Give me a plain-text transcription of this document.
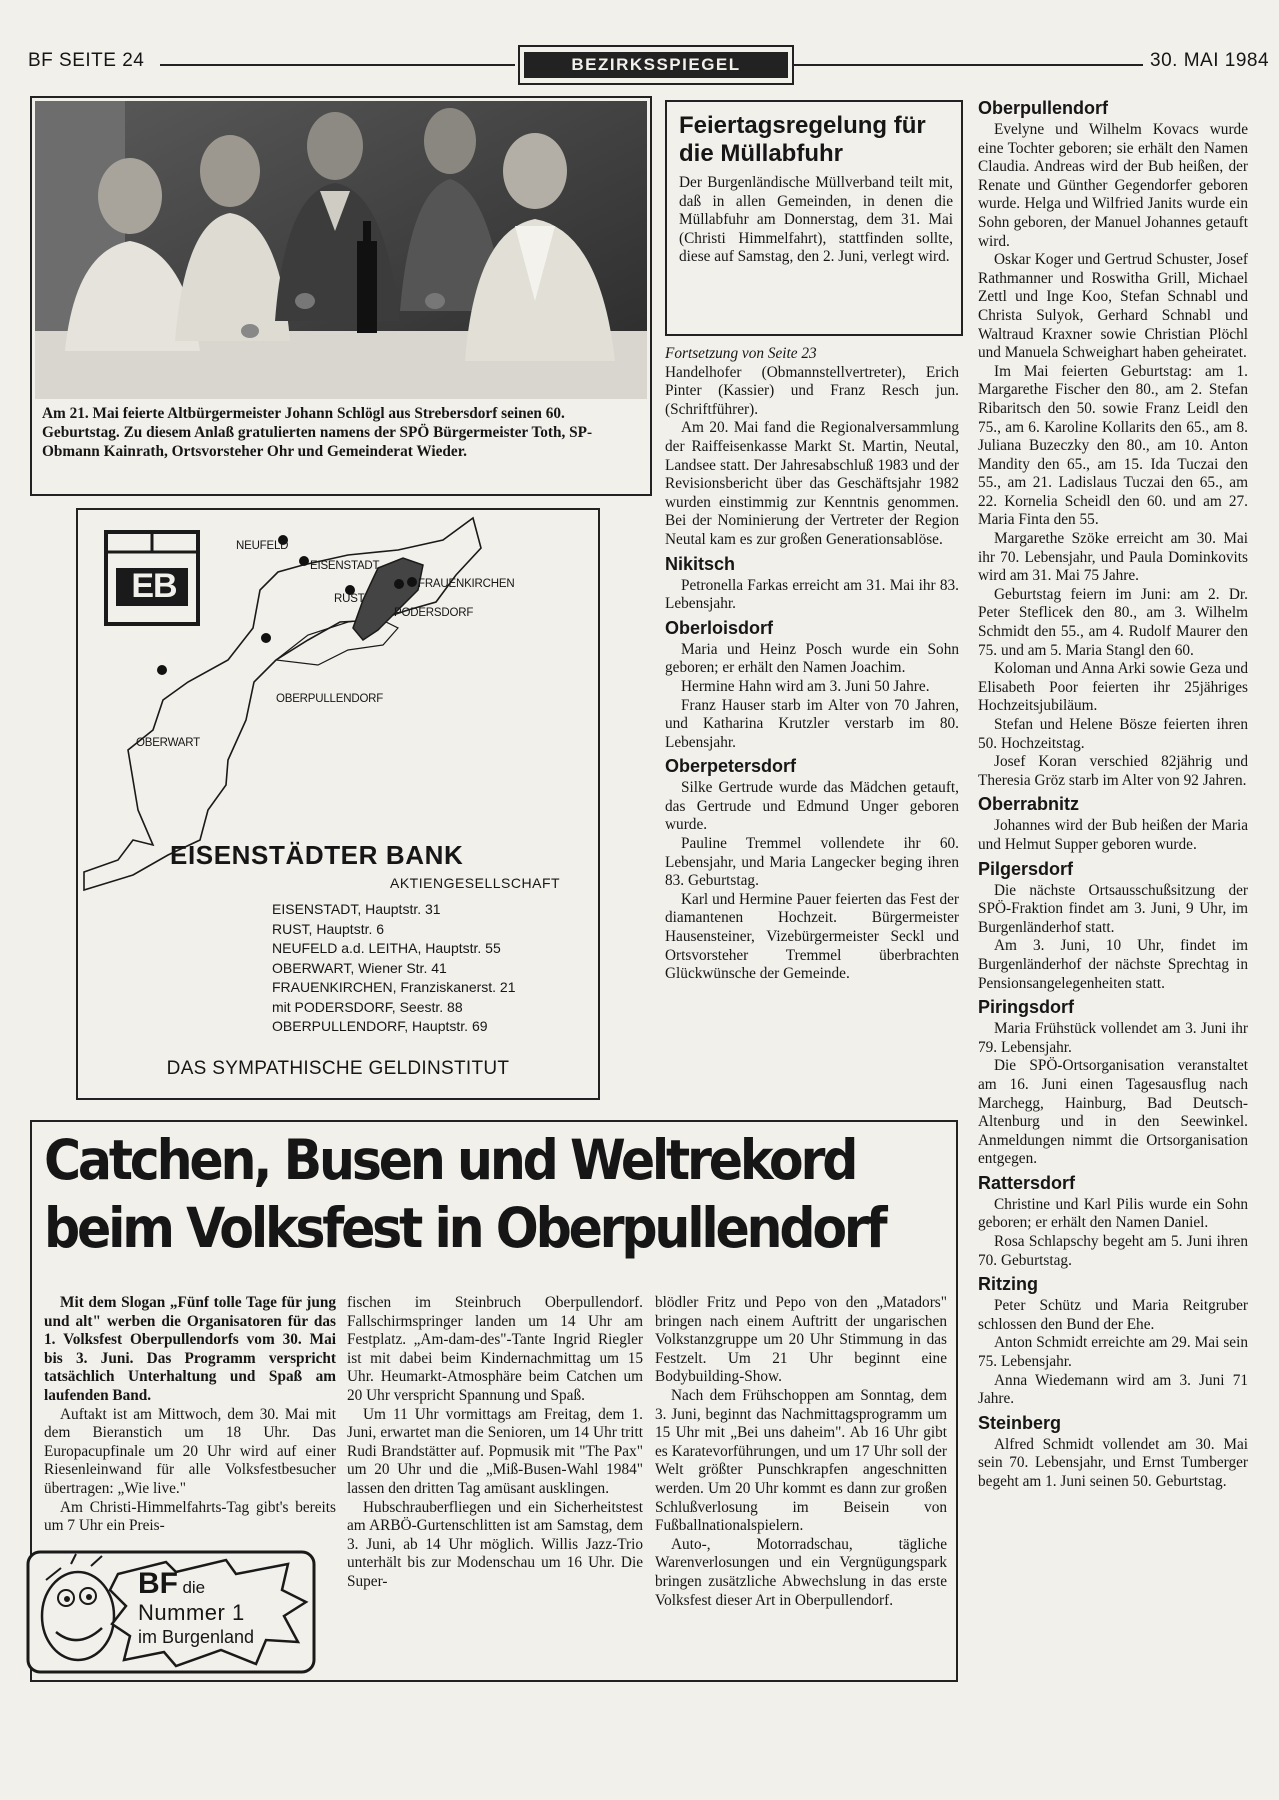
BF SEITE 24	BEZIRKSSPIEGEL	30. MAI 1984
Am 21. Mai feierte Altbürgermeister Johann Schlögl aus Strebersdorf seinen 60. Geburtstag. Zu diesem Anlaß gratulierten namens der SPÖ Bürgermeister Toth, SP-Obmann Kainrath, Ortsvorsteher Ohr und Gemeinderat Wieder.
NEUFELD
EISENSTADT
RUST
FRAUENKIRCHEN
PODERSDORF
OBERPULLENDORF
OBERWART
EB
EISENSTÄDTER BANK
AKTIENGESELLSCHAFT
EISENSTADT, Hauptstr. 31
RUST, Hauptstr. 6
NEUFELD a.d. LEITHA, Hauptstr. 55
OBERWART, Wiener Str. 41
FRAUENKIRCHEN, Franziskanerst. 21
mit PODERSDORF, Seestr. 88
OBERPULLENDORF, Hauptstr. 69
DAS SYMPATHISCHE GELDINSTITUT
Feiertagsregelung für die Müllabfuhr
Der Burgenländische Müllverband teilt mit, daß in allen Gemeinden, in denen die Müllabfuhr am Donnerstag, dem 31. Mai (Christi Himmelfahrt), stattfinden sollte, diese auf Samstag, den 2. Juni, verlegt wird.

Fortsetzung von Seite 23

Handelhofer (Obmannstellvertreter), Erich Pinter (Kassier) und Franz Resch jun. (Schriftführer).

Am 20. Mai fand die Regionalversammlung der Raiffeisenkasse Markt St. Martin, Neutal, Landsee statt. Der Jahresabschluß 1983 und der Revisionsbericht über das Geschäftsjahr 1982 wurden einstimmig zur Kenntnis genommen. Bei der Nominierung der Vertreter der Region Neutal kam es zur großen Generationsablöse.

Nikitsch

Petronella Farkas erreicht am 31. Mai ihr 83. Lebensjahr.

Oberloisdorf

Maria und Heinz Posch wurde ein Sohn geboren; er erhält den Namen Joachim.

Hermine Hahn wird am 3. Juni 50 Jahre.

Franz Hauser starb im Alter von 70 Jahren, und Katharina Krutzler verstarb im 80. Lebensjahr.

Oberpetersdorf

Silke Gertrude wurde das Mädchen getauft, das Gertrude und Edmund Unger geboren wurde.

Pauline Tremmel vollendete ihr 60. Lebensjahr, und Maria Langecker beging ihren 83. Geburtstag.

Karl und Hermine Pauer feierten das Fest der diamantenen Hochzeit. Bürgermeister Hausensteiner, Vizebürgermeister Seckl und Ortsvorsteher Tremmel überbrachten Glückwünsche der Gemeinde.

Oberpullendorf

Evelyne und Wilhelm Kovacs wurde eine Tochter geboren; sie erhält den Namen Claudia. Andreas wird der Bub heißen, der Renate und Günther Gegendorfer geboren wurde. Helga und Wilfried Janits wurde ein Sohn geboren, der Manuel Johannes getauft wird.

Oskar Koger und Gertrud Schuster, Josef Rathmanner und Roswitha Grill, Michael Zettl und Inge Koo, Stefan Schnabl und Christa Sulyok, Gerhard Schnabl und Waltraud Kraxner sowie Christian Plöchl und Manuela Schweighart haben geheiratet.

Im Mai feierten Geburtstag: am 1. Margarethe Fischer den 80., am 2. Stefan Ribaritsch den 50. sowie Franz Leidl den 75., am 6. Karoline Kollarits den 65., am 8. Juliana Buzeczky den 80., am 10. Anton Mandity den 65., am 15. Ida Tuczai den 55., am 21. Ladislaus Tuczai den 65., am 22. Kornelia Scheidl den 60. und am 27. Maria Finta den 55.

Margarethe Szöke erreicht am 30. Mai ihr 70. Lebensjahr, und Paula Dominkovits wird am 31. Mai 75 Jahre.

Geburtstag feiern im Juni: am 2. Dr. Peter Steflicek den 80., am 3. Wilhelm Schmidt den 55., am 4. Rudolf Maurer den 75. und am 5. Maria Stangl den 60.

Koloman und Anna Arki sowie Geza und Elisabeth Poor feierten ihr 25jähriges Hochzeitsjubiläum.

Stefan und Helene Bösze feierten ihren 50. Hochzeitstag.

Josef Koran verschied 82jährig und Theresia Gröz starb im Alter von 92 Jahren.

Oberrabnitz

Johannes wird der Bub heißen der Maria und Helmut Supper geboren wurde.

Pilgersdorf

Die nächste Ortsausschußsitzung der SPÖ-Fraktion findet am 3. Juni, 9 Uhr, im Burgenländerhof statt.

Am 3. Juni, 10 Uhr, findet im Burgenländerhof der nächste Sprechtag in Pensionsangelegenheiten statt.

Piringsdorf

Maria Frühstück vollendet am 3. Juni ihr 79. Lebensjahr.

Die SPÖ-Ortsorganisation veranstaltet am 16. Juni einen Tagesausflug nach Marchegg, Hainburg, Bad Deutsch-Altenburg und in den Seewinkel. Anmeldungen nimmt die Ortsorganisation entgegen.

Rattersdorf

Christine und Karl Pilis wurde ein Sohn geboren; er erhält den Namen Daniel.

Rosa Schlapschy begeht am 5. Juni ihren 70. Geburtstag.

Ritzing

Peter Schütz und Maria Reitgruber schlossen den Bund der Ehe.

Anton Schmidt erreichte am 29. Mai sein 75. Lebensjahr.

Anna Wiedemann wird am 3. Juni 71 Jahre.

Steinberg

Alfred Schmidt vollendet am 30. Mai sein 70. Lebensjahr, und Ernst Tumberger begeht am 1. Juni seinen 50. Geburtstag.

Catchen, Busen und Weltrekord
beim Volksfest in Oberpullendorf

Mit dem Slogan „Fünf tolle Tage für jung und alt" werben die Organisatoren für das 1. Volksfest Oberpullendorfs vom 30. Mai bis 3. Juni. Das Programm verspricht tatsächlich Unterhaltung und Spaß am laufenden Band.

Auftakt ist am Mittwoch, dem 30. Mai mit dem Bieranstich um 18 Uhr. Das Europacupfinale um 20 Uhr wird auf einer Riesenleinwand für alle Volksfestbesucher übertragen: „Wie live."

Am Christi-Himmelfahrts-Tag gibt's bereits um 7 Uhr ein Preis-

fischen im Steinbruch Oberpullendorf. Fallschirmspringer landen um 14 Uhr am Festplatz. „Am-dam-des"-Tante Ingrid Riegler ist mit dabei beim Kindernachmittag um 15 Uhr. Heumarkt-Atmosphäre beim Catchen um 20 Uhr verspricht Spannung und Spaß.

Um 11 Uhr vormittags am Freitag, dem 1. Juni, erwartet man die Senioren, um 14 Uhr tritt Rudi Brandstätter auf. Popmusik mit "The Pax" um 20 Uhr und die „Miß-Busen-Wahl 1984" lassen den dritten Tag amüsant ausklingen.

Hubschrauberfliegen und ein Sicherheitstest am ARBÖ-Gurtenschlitten ist am Samstag, dem 3. Juni, ab 14 Uhr möglich. Willis Jazz-Trio unterhält bis zur Modenschau um 16 Uhr. Die Super-

blödler Fritz und Pepo von den „Matadors" bringen nach einem Auftritt der ungarischen Volkstanzgruppe um 20 Uhr Stimmung in das Festzelt. Um 21 Uhr beginnt eine Bodybuilding-Show.

Nach dem Frühschoppen am Sonntag, dem 3. Juni, beginnt das Nachmittagsprogramm um 15 Uhr mit „Bei uns daheim". Ab 16 Uhr gibt es Karatevorführungen, und um 17 Uhr soll der Welt größter Punschkrapfen angeschnitten werden. Um 20 Uhr kommt es dann zur großen Schlußverlosung im Beisein von Fußballnationalspielern.

Auto-, Motorradschau, tägliche Warenverlosungen und ein Vergnügungspark bringen zusätzliche Abwechslung in das erste Volksfest dieser Art in Oberpullendorf.

BF die
Nummer 1
im Burgenland
